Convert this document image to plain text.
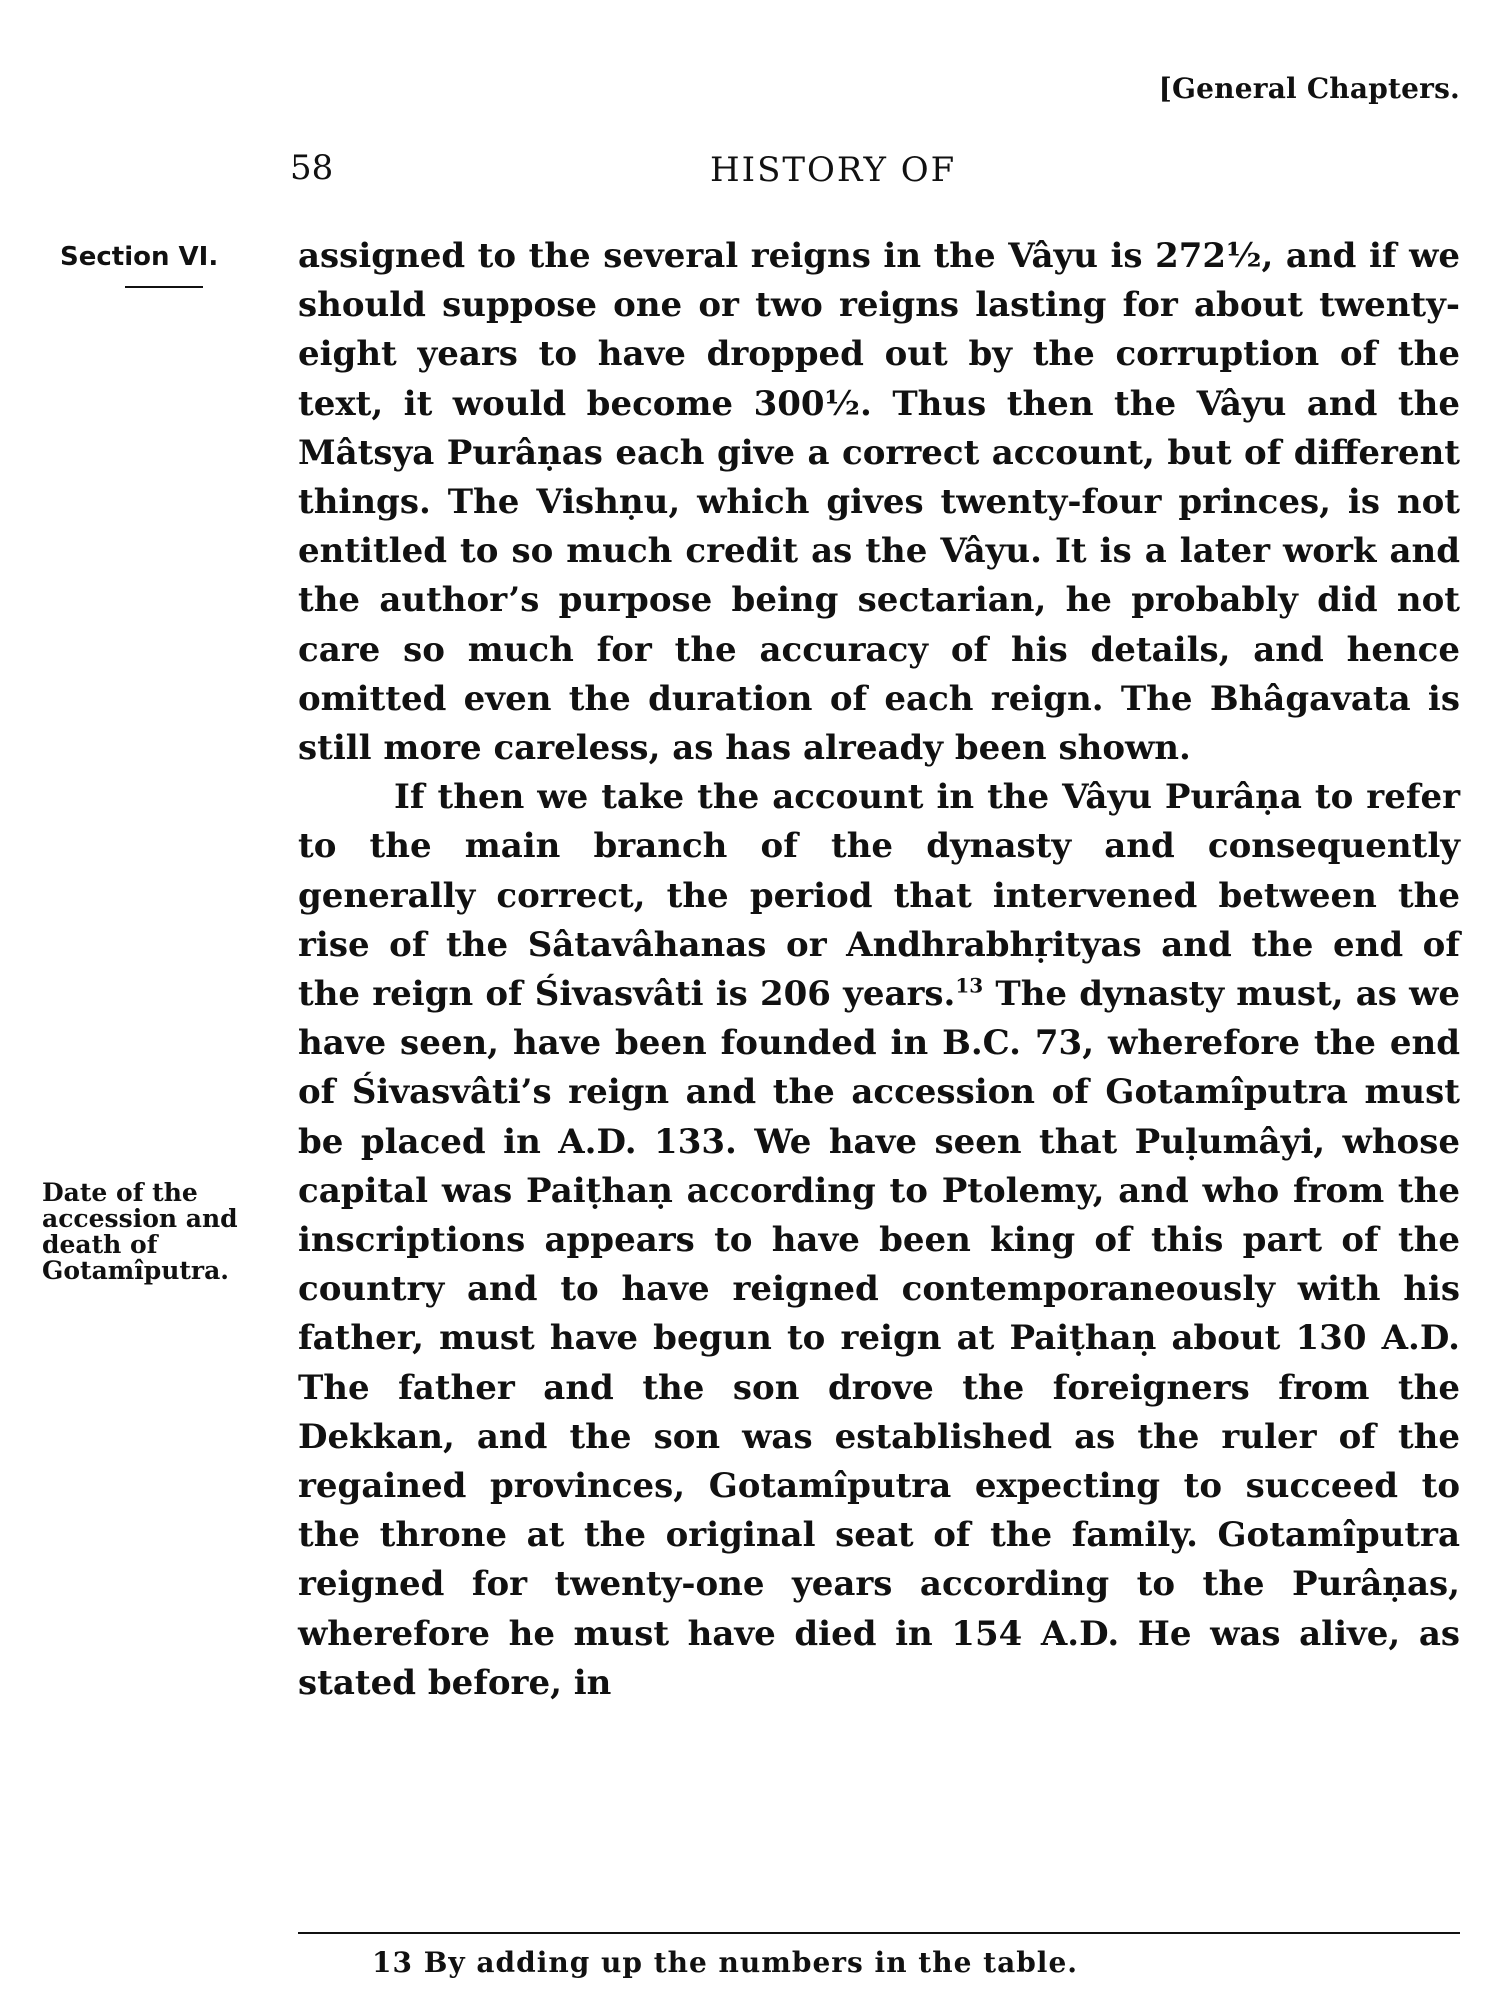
[General Chapters.
58	HISTORY OF
Section VI.
Date of the accession and death of Gotamîputra.

assigned to the several reigns in the Vâyu is 272½, and if we should suppose one or two reigns lasting for about twenty-eight years to have dropped out by the corruption of the text, it would become 300½. Thus then the Vâyu and the Mâtsya Purâṇas each give a correct account, but of different things. The Vishṇu, which gives twenty-four princes, is not entitled to so much credit as the Vâyu. It is a later work and the author’s purpose being sectarian, he probably did not care so much for the accuracy of his details, and hence omitted even the duration of each reign. The Bhâgavata is still more careless, as has already been shown.

If then we take the account in the Vâyu Purâṇa to refer to the main branch of the dynasty and consequently generally correct, the period that intervened between the rise of the Sâtavâhanas or Andhrabhṛityas and the end of the reign of Śivasvâti is 206 years.$^{13}$ The dynasty must, as we have seen, have been founded in B.C. 73, wherefore the end of Śivasvâti’s reign and the accession of Gotamîputra must be placed in A.D. 133. We have seen that Puḷumâyi, whose capital was Paiṭhaṇ according to Ptolemy, and who from the inscriptions appears to have been king of this part of the country and to have reigned contemporaneously with his father, must have begun to reign at Paiṭhaṇ about 130 A.D. The father and the son drove the foreigners from the Dekkan, and the son was established as the ruler of the regained provinces, Gotamîputra expecting to succeed to the throne at the original seat of the family. Gotamîputra reigned for twenty-one years according to the Purâṇas, wherefore he must have died in 154 A.D. He was alive, as stated before, in

13 By adding up the numbers in the table.
